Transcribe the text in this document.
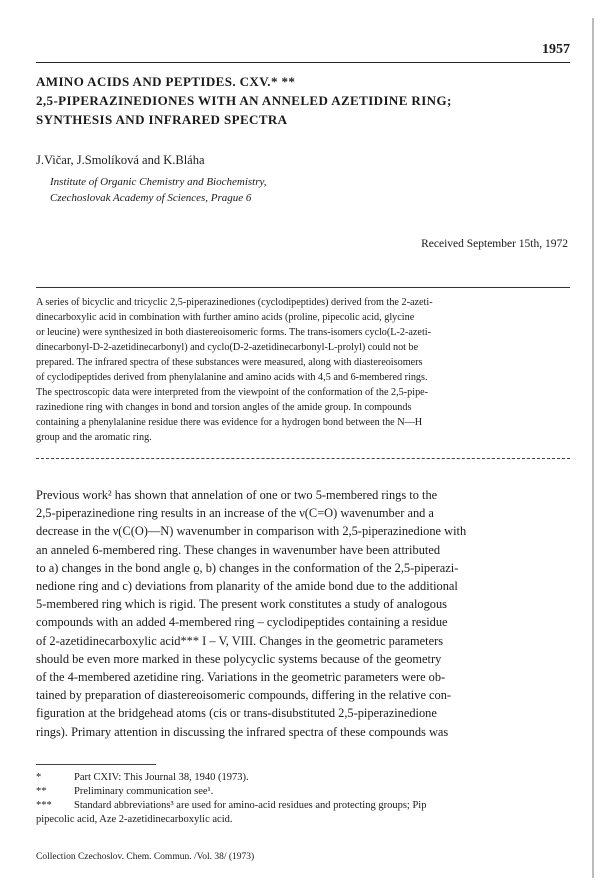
1957
AMINO ACIDS AND PEPTIDES. CXV.* **
2,5-PIPERAZINEDIONES WITH AN ANNELED AZETIDINE RING;
SYNTHESIS AND INFRARED SPECTRA
J.Vičar, J.Smolíková and K.Bláha
Institute of Organic Chemistry and Biochemistry,
Czechoslovak Academy of Sciences, Prague 6
Received September 15th, 1972
A series of bicyclic and tricyclic 2,5-piperazinediones (cyclodipeptides) derived from the 2-azeti-
dinecarboxylic acid in combination with further amino acids (proline, pipecolic acid, glycine
or leucine) were synthesized in both diastereoisomeric forms. The trans-isomers cyclo(L-2-azeti-
dinecarbonyl-D-2-azetidinecarbonyl) and cyclo(D-2-azetidinecarbonyl-L-prolyl) could not be
prepared. The infrared spectra of these substances were measured, along with diastereoisomers
of cyclodipeptides derived from phenylalanine and amino acids with 4,5 and 6-membered rings.
The spectroscopic data were interpreted from the viewpoint of the conformation of the 2,5-pipe-
razinedione ring with changes in bond and torsion angles of the amide group. In compounds
containing a phenylalanine residue there was evidence for a hydrogen bond between the N—H
group and the aromatic ring.
Previous work² has shown that annelation of one or two 5-membered rings to the
2,5-piperazinedione ring results in an increase of the ν(C=O) wavenumber and a
decrease in the ν(C(O)—N) wavenumber in comparison with 2,5-piperazinedione with
an anneled 6-membered ring. These changes in wavenumber have been attributed
to a) changes in the bond angle ϱ, b) changes in the conformation of the 2,5-piperazi-
nedione ring and c) deviations from planarity of the amide bond due to the additional
5-membered ring which is rigid. The present work constitutes a study of analogous
compounds with an added 4-membered ring – cyclodipeptides containing a residue
of 2-azetidinecarboxylic acid*** I – V, VIII. Changes in the geometric parameters
should be even more marked in these polycyclic systems because of the geometry
of the 4-membered azetidine ring. Variations in the geometric parameters were ob-
tained by preparation of diastereoisomeric compounds, differing in the relative con-
figuration at the bridgehead atoms (cis or trans-disubstituted 2,5-piperazinedione
rings). Primary attention in discussing the infrared spectra of these compounds was
*	Part CXIV: This Journal 38, 1940 (1973).
**	Preliminary communication see¹.
***	Standard abbreviations³ are used for amino-acid residues and protecting groups; Pip
pipecolic acid, Aze 2-azetidinecarboxylic acid.
Collection Czechoslov. Chem. Commun. /Vol. 38/ (1973)
